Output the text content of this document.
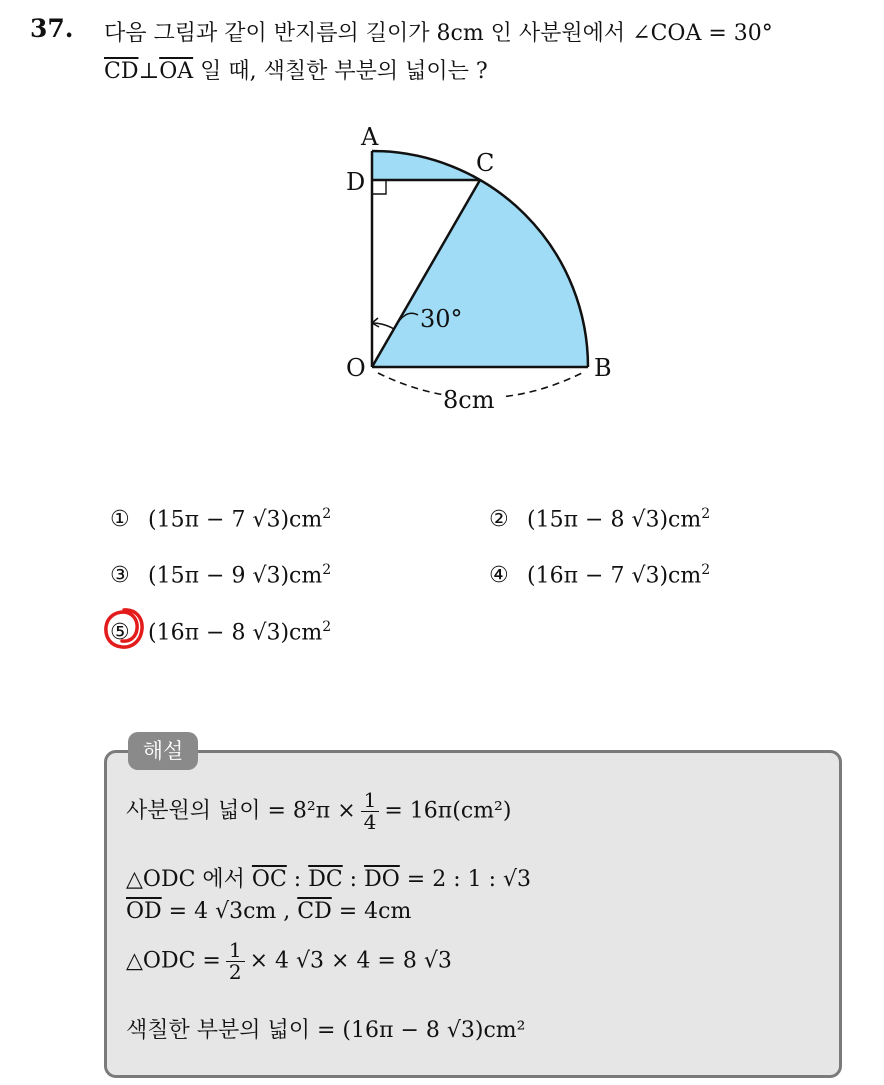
37. 다음 그림과 같이 반지름의 길이가 8cm 인 사분원에서 ∠COA = 30°
$\overline{CD}\perp\overline{OA}$ 일 때, 색칠한 부분의 넓이는 ?
A
D
C
O	B
30°
8cm
① (15π − 7 $√3)cm^2$	② (15π − 8 $√3)cm^2$
③ (15π − 9 $√3)cm^2$	④ (16π − 7 $√3)cm^2$
⑤ (16π − 8 $√3)cm^2$
해설
사분원의 넓이 = $8^2\pi \times \frac{1}{4} = 16\pi(cm^2)$
△ODC 에서 $\overline{OC}$ : $\overline{DC}$ : $\overline{DO} = 2$ : 1 : √3
$\overline{OD} = 4$ √3cm , $\overline{CD} = 4cm$
△ODC = $\frac{1}{2} \times 4$ √3 × 4 = 8 √3
색칠한 부분의 넓이 = (16π − 8 √3)cm²
